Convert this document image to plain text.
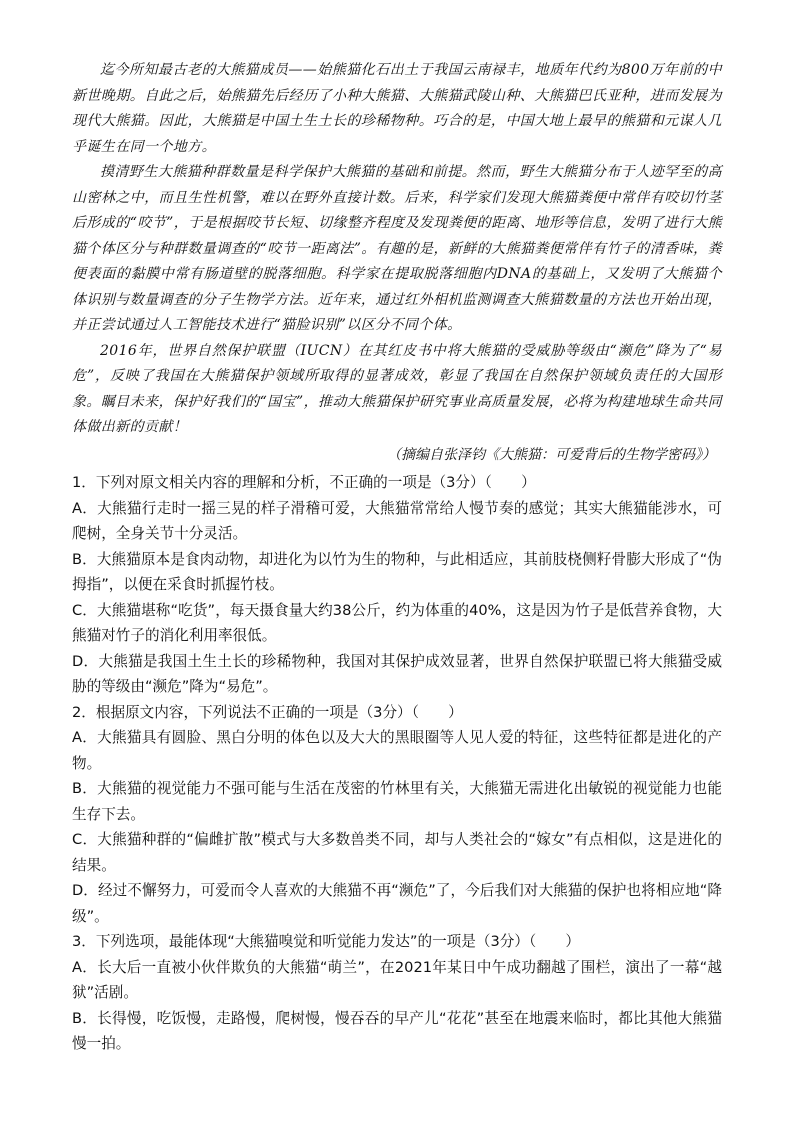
迄今所知最古老的大熊猫成员——始熊猫化石出土于我国云南禄丰，地质年代约为800万年前的中新世晚期。自此之后，始熊猫先后经历了小种大熊猫、大熊猫武陵山种、大熊猫巴氏亚种，进而发展为现代大熊猫。因此，大熊猫是中国土生土长的珍稀物种。巧合的是，中国大地上最早的熊猫和元谋人几乎诞生在同一个地方。

摸清野生大熊猫种群数量是科学保护大熊猫的基础和前提。然而，野生大熊猫分布于人迹罕至的高山密林之中，而且生性机警，难以在野外直接计数。后来，科学家们发现大熊猫粪便中常伴有咬切竹茎后形成的“咬节”，于是根据咬节长短、切缘整齐程度及发现粪便的距离、地形等信息，发明了进行大熊猫个体区分与种群数量调查的“咬节一距离法”。有趣的是，新鲜的大熊猫粪便常伴有竹子的清香味，粪便表面的黏膜中常有肠道壁的脱落细胞。科学家在提取脱落细胞内DNA的基础上，又发明了大熊猫个体识别与数量调查的分子生物学方法。近年来，通过红外相机监测调查大熊猫数量的方法也开始出现，并正尝试通过人工智能技术进行“猫脸识别”以区分不同个体。

2016年，世界自然保护联盟（IUCN）在其红皮书中将大熊猫的受威胁等级由“濒危”降为了“易危”，反映了我国在大熊猫保护领域所取得的显著成效，彰显了我国在自然保护领域负责任的大国形象。瞩目未来，保护好我们的“国宝”，推动大熊猫保护研究事业高质量发展，必将为构建地球生命共同体做出新的贡献！

（摘编自张泽钧《大熊猫：可爱背后的生物学密码》）

1．下列对原文相关内容的理解和分析，不正确的一项是（3分）（　　）

A．大熊猫行走时一摇三晃的样子滑稽可爱，大熊猫常常给人慢节奏的感觉；其实大熊猫能涉水，可爬树，全身关节十分灵活。

B．大熊猫原本是食肉动物，却进化为以竹为生的物种，与此相适应，其前肢桡侧籽骨膨大形成了“伪拇指”，以便在采食时抓握竹枝。

C．大熊猫堪称“吃货”，每天摄食量大约38公斤，约为体重的40%，这是因为竹子是低营养食物，大熊猫对竹子的消化利用率很低。

D．大熊猫是我国土生土长的珍稀物种，我国对其保护成效显著，世界自然保护联盟已将大熊猫受威胁的等级由“濒危”降为“易危”。

2．根据原文内容，下列说法不正确的一项是（3分）（　　）

A．大熊猫具有圆脸、黑白分明的体色以及大大的黑眼圈等人见人爱的特征，这些特征都是进化的产物。

B．大熊猫的视觉能力不强可能与生活在茂密的竹林里有关，大熊猫无需进化出敏锐的视觉能力也能生存下去。

C．大熊猫种群的“偏雌扩散”模式与大多数兽类不同，却与人类社会的“嫁女”有点相似，这是进化的结果。

D．经过不懈努力，可爱而令人喜欢的大熊猫不再“濒危”了，今后我们对大熊猫的保护也将相应地“降级”。

3．下列选项，最能体现“大熊猫嗅觉和听觉能力发达”的一项是（3分）（　　）

A．长大后一直被小伙伴欺负的大熊猫“萌兰”，在2021年某日中午成功翻越了围栏，演出了一幕“越狱”活剧。

B．长得慢，吃饭慢，走路慢，爬树慢，慢吞吞的早产儿“花花”甚至在地震来临时，都比其他大熊猫慢一拍。
